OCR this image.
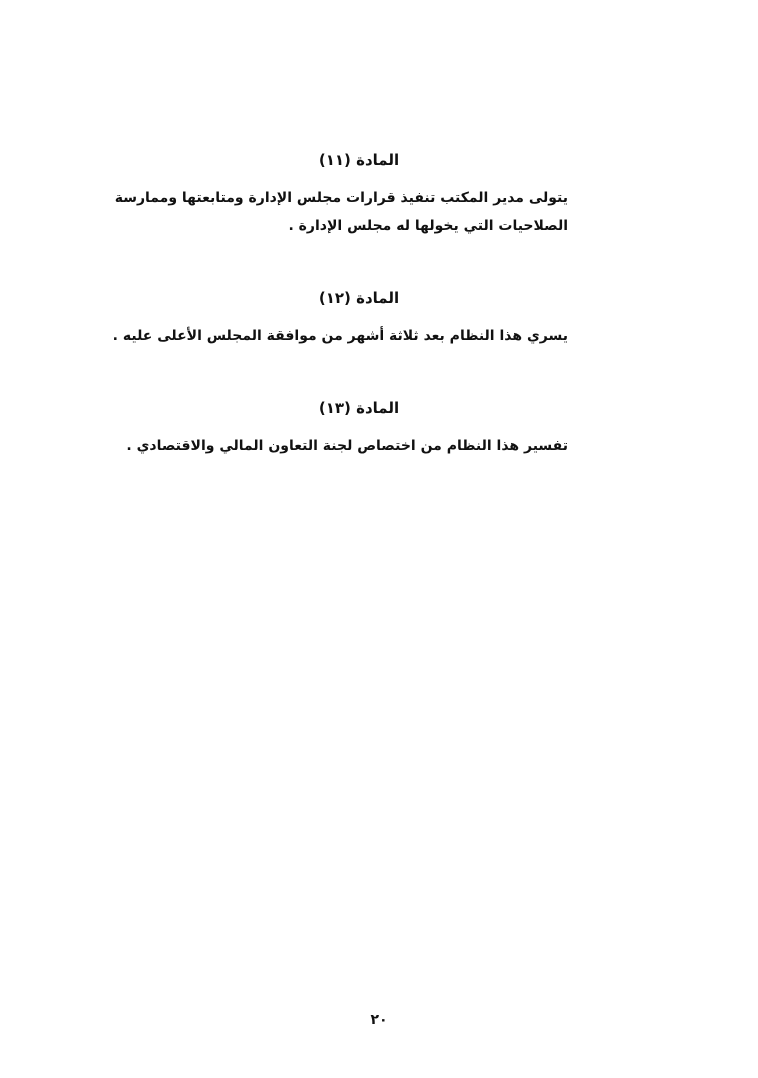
المادة (١١)

يتولى مدير المكتب تنفيذ قرارات مجلس الإدارة ومتابعتها وممارسة
الصلاحيات التي يخولها له مجلس الإدارة .

المادة (١٢)

يسري هذا النظام بعد ثلاثة أشهر من موافقة المجلس الأعلى عليه .

المادة (١٣)

تفسير هذا النظام من اختصاص لجنة التعاون المالي والاقتصادي .

٢٠
